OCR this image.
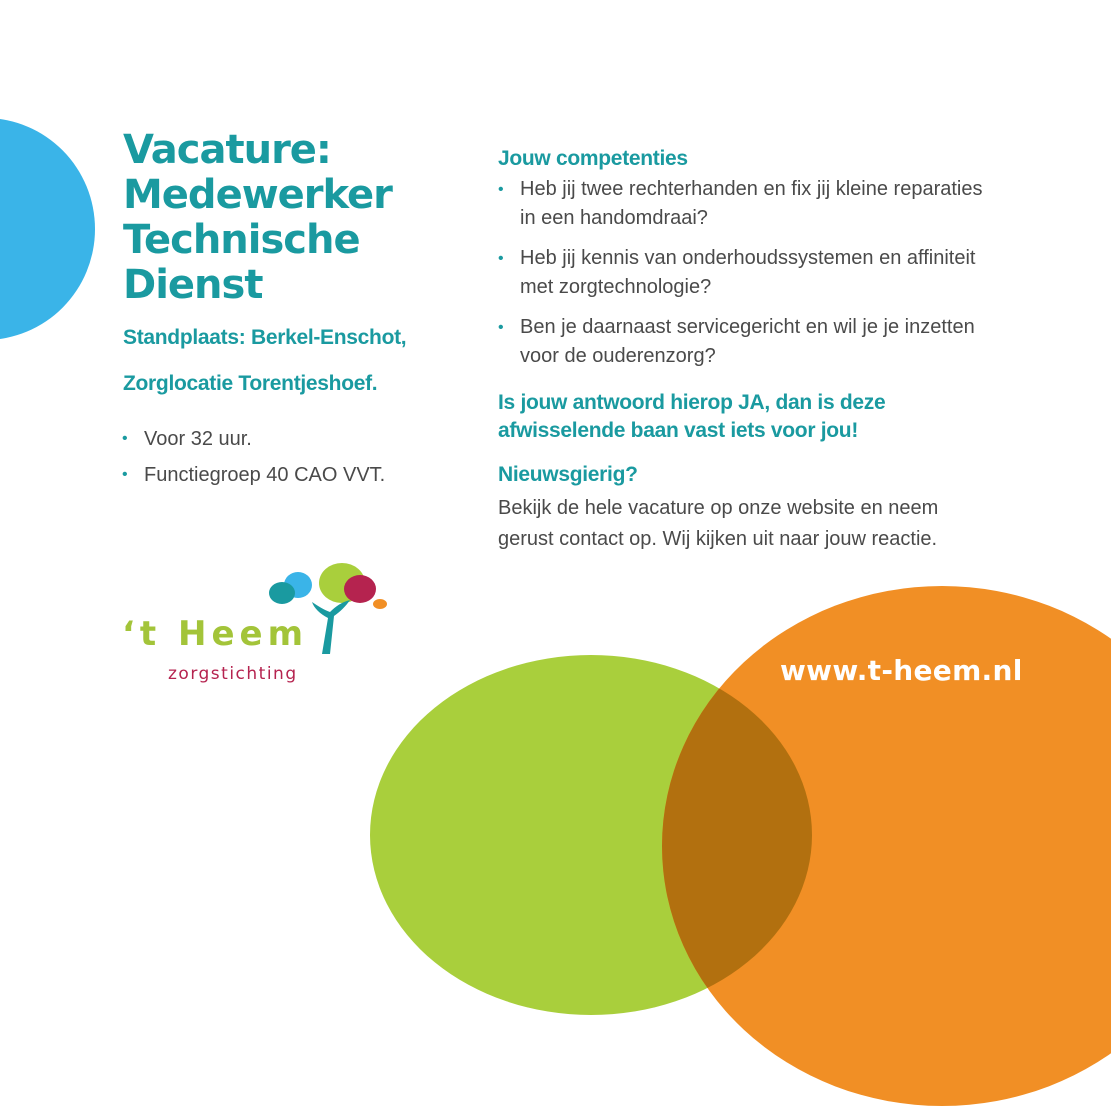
Vacature: Medewerker Technische Dienst

Standplaats: Berkel-Enschot,

Zorglocatie Torentjeshoef.

• Voor 32 uur.
• Functiegroep 40 CAO VVT.

Jouw competenties

• Heb jij twee rechterhanden en fix jij kleine reparaties in een handomdraai?
• Heb jij kennis van onderhoudssystemen en affiniteit met zorgtechnologie?
• Ben je daarnaast servicegericht en wil je je inzetten voor de ouderenzorg?

Is jouw antwoord hierop JA, dan is deze afwisselende baan vast iets voor jou!

Nieuwsgierig?

Bekijk de hele vacature op onze website en neem gerust contact op. Wij kijken uit naar jouw reactie.

www.t-heem.nl
‘t Heem
zorgstichting
